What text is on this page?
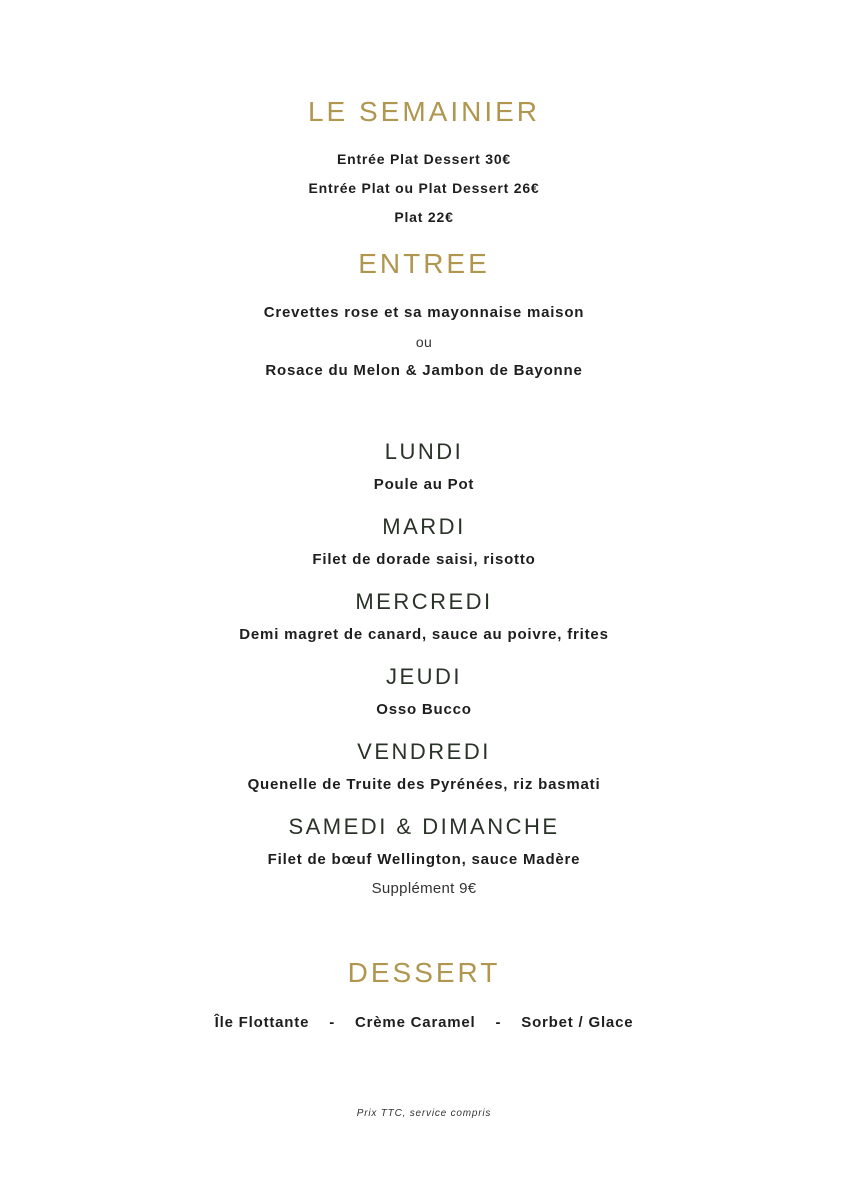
LE SEMAINIER
Entrée Plat Dessert 30€
Entrée Plat ou Plat Dessert 26€
Plat 22€
ENTREE
Crevettes rose et sa mayonnaise maison
ou
Rosace du Melon & Jambon de Bayonne
LUNDI
Poule au Pot
MARDI
Filet de dorade saisi, risotto
MERCREDI
Demi magret de canard, sauce au poivre, frites
JEUDI
Osso Bucco
VENDREDI
Quenelle de Truite des Pyrénées, riz basmati
SAMEDI & DIMANCHE
Filet de bœuf Wellington, sauce Madère
Supplément 9€
DESSERT
Île Flottante - Crème Caramel - Sorbet / Glace
Prix TTC, service compris
